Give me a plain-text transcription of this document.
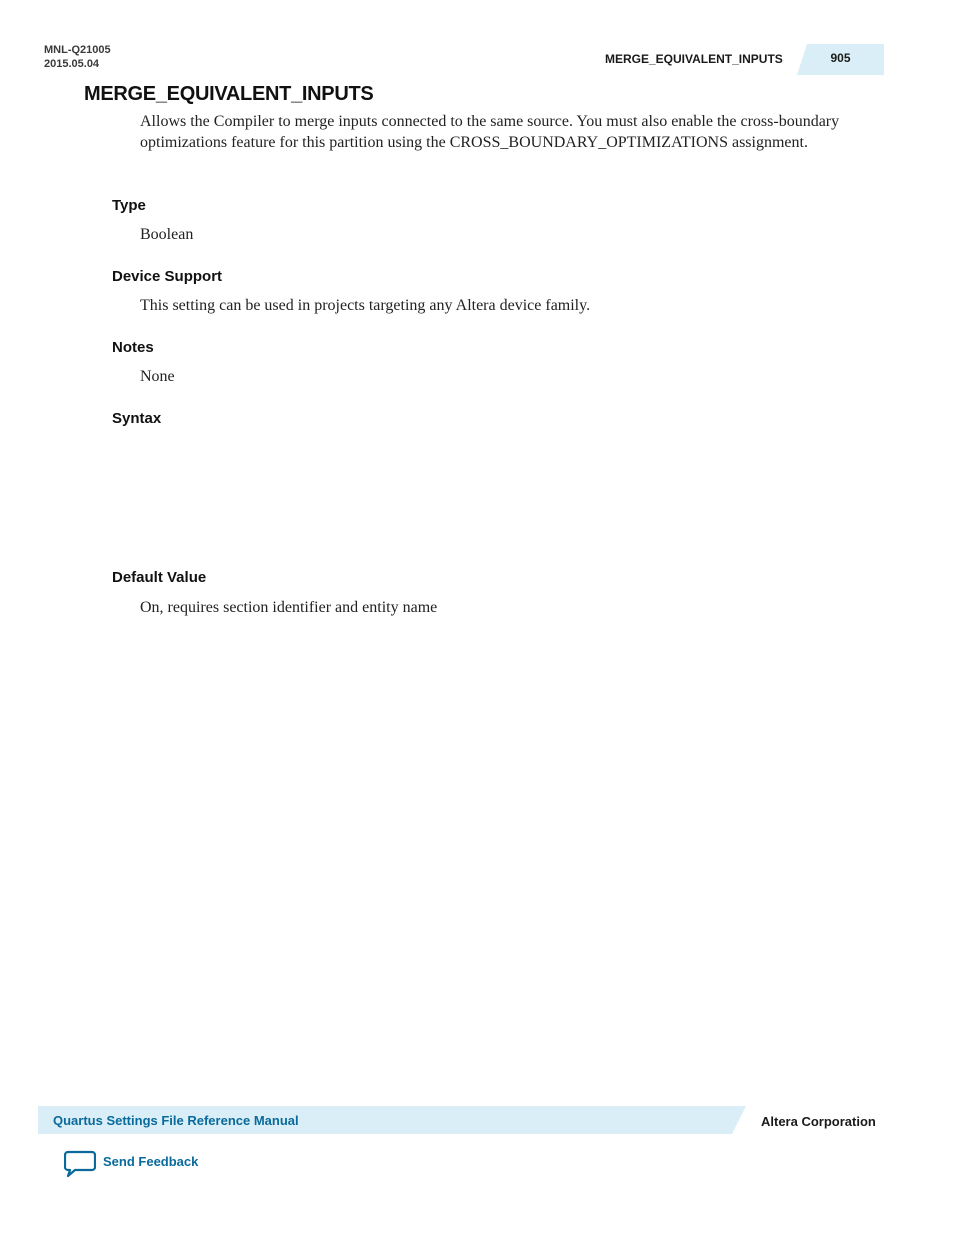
MNL-Q21005
2015.05.04	MERGE_EQUIVALENT_INPUTS	905
MERGE_EQUIVALENT_INPUTS

Allows the Compiler to merge inputs connected to the same source. You must also enable the cross-boundary optimizations feature for this partition using the CROSS_BOUNDARY_OPTIMIZATIONS assignment.

Type

Boolean

Device Support

This setting can be used in projects targeting any Altera device family.

Notes

None

Syntax
Default Value

On, requires section identifier and entity name

Quartus Settings File Reference Manual	Altera Corporation
Send Feedback
